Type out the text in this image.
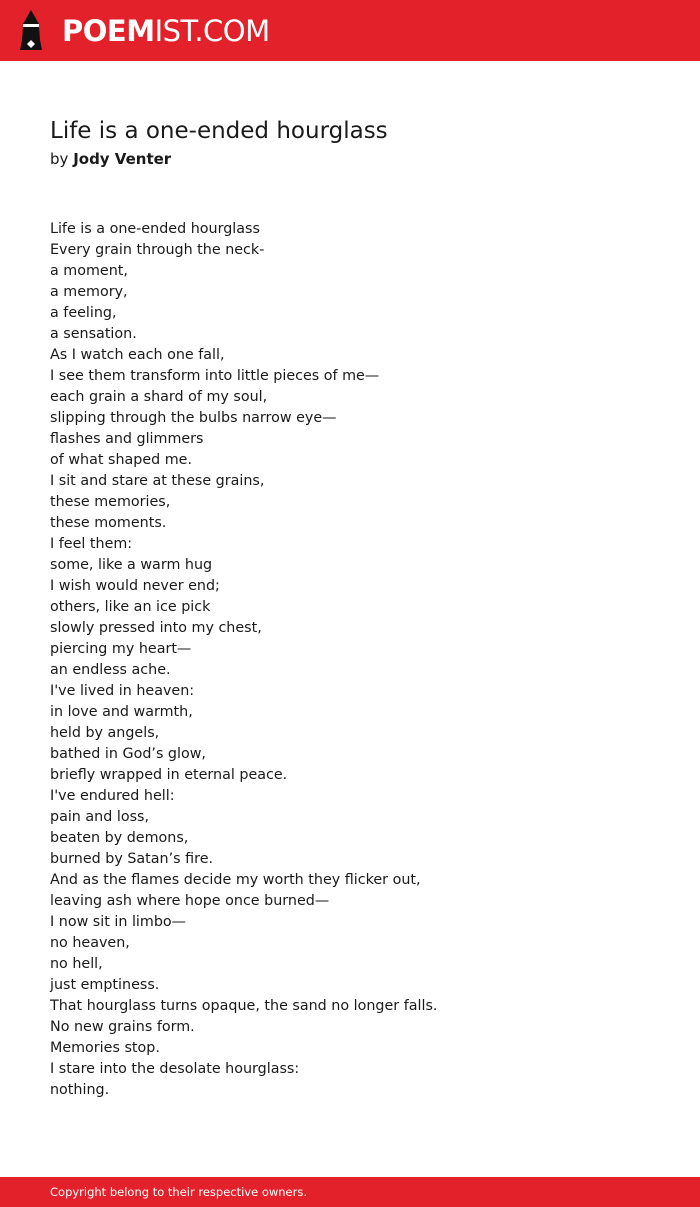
POEMIST.COM
Life is a one-ended hourglass
by Jody Venter
Life is a one-ended hourglass
Every grain through the neck-
a moment,
a memory,
a feeling,
a sensation.
As I watch each one fall,
I see them transform into little pieces of me—
each grain a shard of my soul,
slipping through the bulbs narrow eye—
flashes and glimmers
of what shaped me.
I sit and stare at these grains,
these memories,
these moments.
I feel them:
some, like a warm hug
I wish would never end;
others, like an ice pick
slowly pressed into my chest,
piercing my heart—
an endless ache.
I've lived in heaven:
in love and warmth,
held by angels,
bathed in God’s glow,
briefly wrapped in eternal peace.
I've endured hell:
pain and loss,
beaten by demons,
burned by Satan’s fire.
And as the flames decide my worth they flicker out,
leaving ash where hope once burned—
I now sit in limbo—
no heaven,
no hell,
just emptiness.
That hourglass turns opaque, the sand no longer falls.
No new grains form.
Memories stop.
I stare into the desolate hourglass:
nothing.
Copyright belong to their respective owners.
